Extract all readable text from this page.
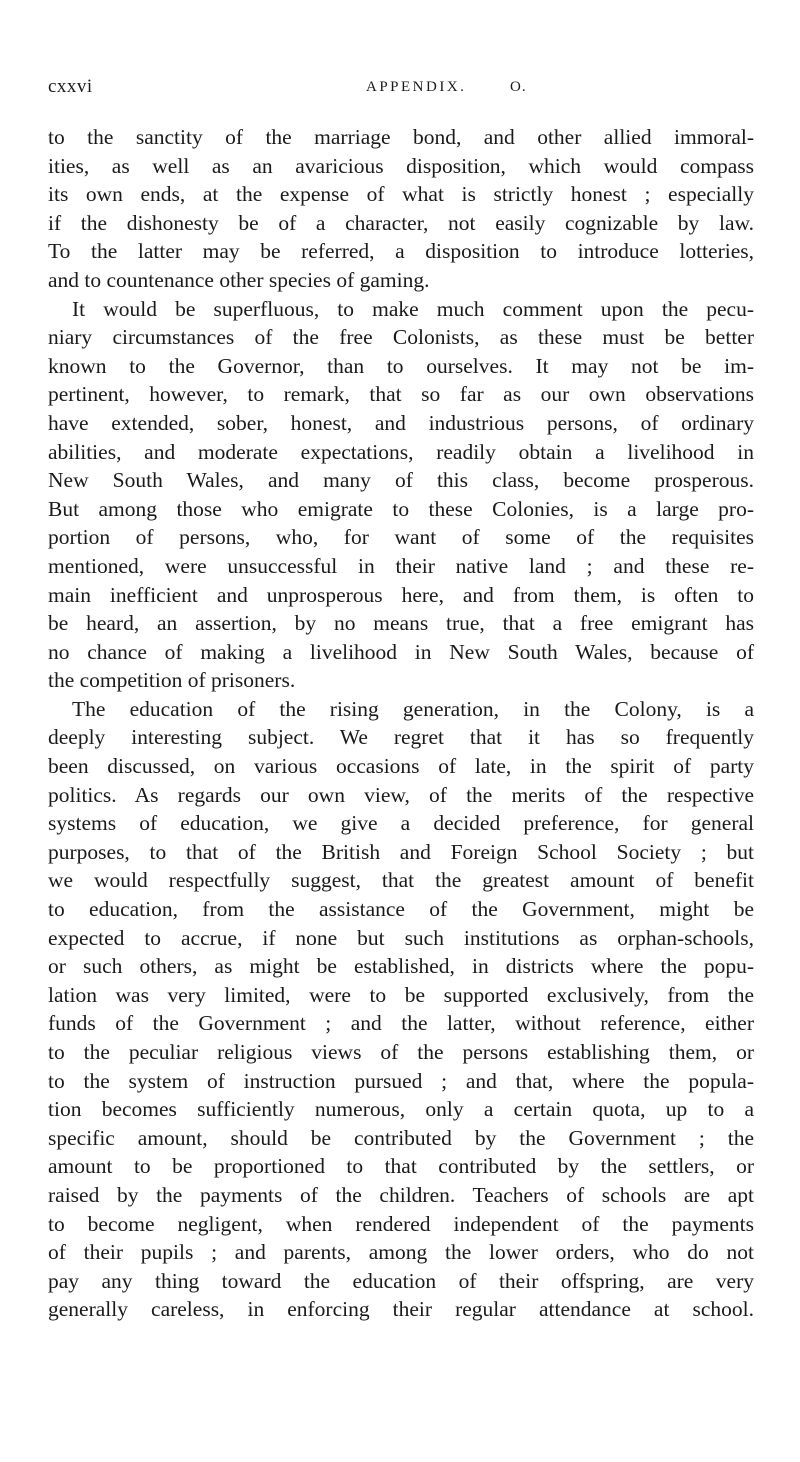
cxxvi	APPENDIX.	O.
to the sanctity of the marriage bond, and other allied immoral-
ities, as well as an avaricious disposition, which would compass
its own ends, at the expense of what is strictly honest ; especially
if the dishonesty be of a character, not easily cognizable by law.
To the latter may be referred, a disposition to introduce lotteries,
and to countenance other species of gaming.
It would be superfluous, to make much comment upon the pecu-
niary circumstances of the free Colonists, as these must be better
known to the Governor, than to ourselves. It may not be im-
pertinent, however, to remark, that so far as our own observations
have extended, sober, honest, and industrious persons, of ordinary
abilities, and moderate expectations, readily obtain a livelihood in
New South Wales, and many of this class, become prosperous.
But among those who emigrate to these Colonies, is a large pro-
portion of persons, who, for want of some of the requisites
mentioned, were unsuccessful in their native land ; and these re-
main inefficient and unprosperous here, and from them, is often to
be heard, an assertion, by no means true, that a free emigrant has
no chance of making a livelihood in New South Wales, because of
the competition of prisoners.
The education of the rising generation, in the Colony, is a
deeply interesting subject. We regret that it has so frequently
been discussed, on various occasions of late, in the spirit of party
politics. As regards our own view, of the merits of the respective
systems of education, we give a decided preference, for general
purposes, to that of the British and Foreign School Society ; but
we would respectfully suggest, that the greatest amount of benefit
to education, from the assistance of the Government, might be
expected to accrue, if none but such institutions as orphan-schools,
or such others, as might be established, in districts where the popu-
lation was very limited, were to be supported exclusively, from the
funds of the Government ; and the latter, without reference, either
to the peculiar religious views of the persons establishing them, or
to the system of instruction pursued ; and that, where the popula-
tion becomes sufficiently numerous, only a certain quota, up to a
specific amount, should be contributed by the Government ; the
amount to be proportioned to that contributed by the settlers, or
raised by the payments of the children. Teachers of schools are apt
to become negligent, when rendered independent of the payments
of their pupils ; and parents, among the lower orders, who do not
pay any thing toward the education of their offspring, are very
generally careless, in enforcing their regular attendance at school.
